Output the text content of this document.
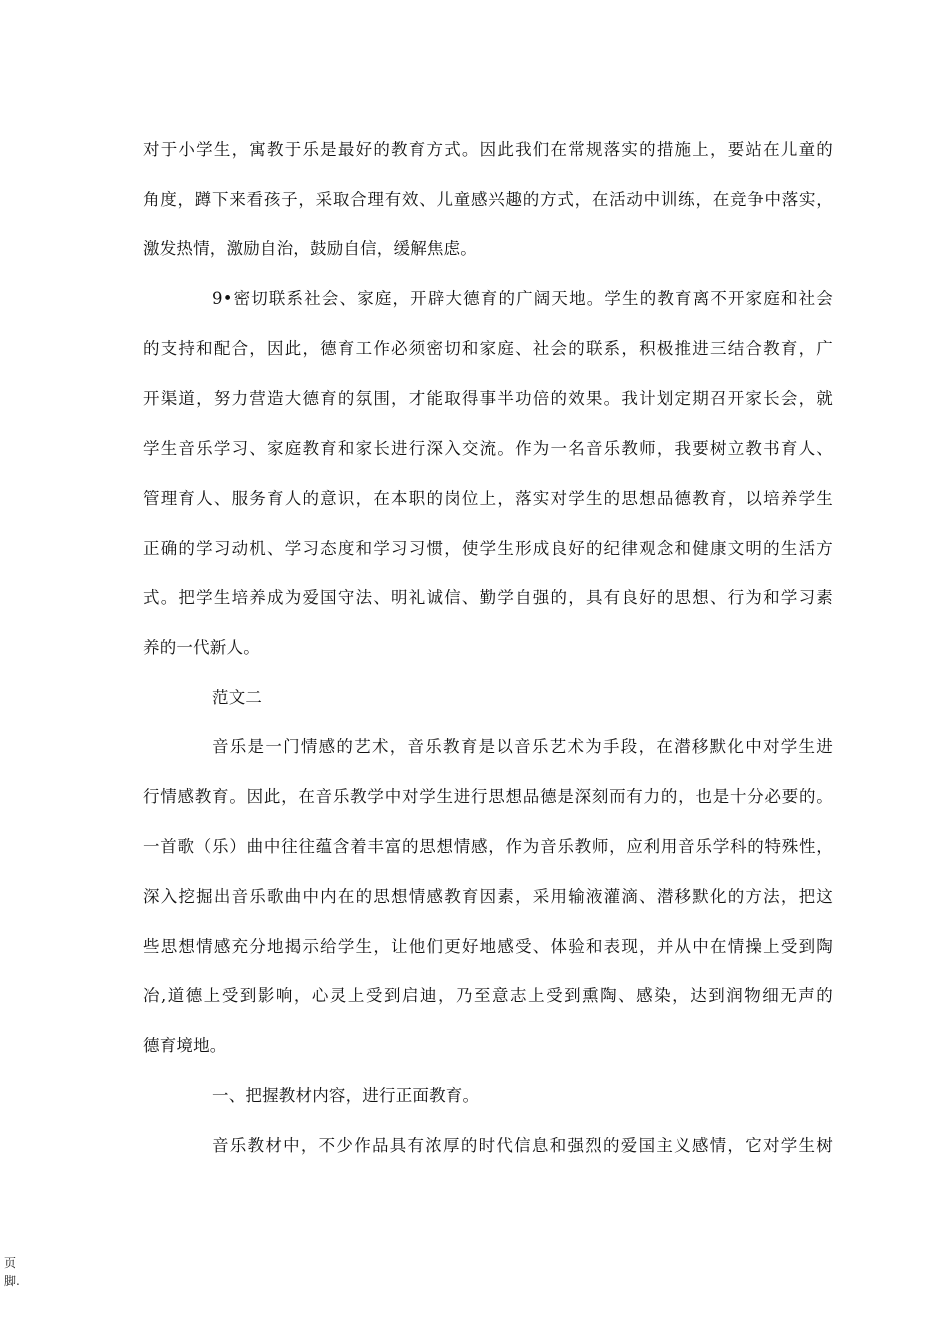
对于小学生，寓教于乐是最好的教育方式。因此我们在常规落实的措施上，要站在儿童的
角度，蹲下来看孩子，采取合理有效、儿童感兴趣的方式，在活动中训练，在竞争中落实，
激发热情，激励自治，鼓励自信，缓解焦虑。
9•密切联系社会、家庭，开辟大德育的广阔天地。学生的教育离不开家庭和社会
的支持和配合，因此，德育工作必须密切和家庭、社会的联系，积极推进三结合教育，广
开渠道，努力营造大德育的氛围，才能取得事半功倍的效果。我计划定期召开家长会，就
学生音乐学习、家庭教育和家长进行深入交流。作为一名音乐教师，我要树立教书育人、
管理育人、服务育人的意识，在本职的岗位上，落实对学生的思想品德教育，以培养学生
正确的学习动机、学习态度和学习习惯，使学生形成良好的纪律观念和健康文明的生活方
式。把学生培养成为爱国守法、明礼诚信、勤学自强的，具有良好的思想、行为和学习素
养的一代新人。
范文二
音乐是一门情感的艺术，音乐教育是以音乐艺术为手段，在潜移默化中对学生进
行情感教育。因此，在音乐教学中对学生进行思想品德是深刻而有力的，也是十分必要的。
一首歌（乐）曲中往往蕴含着丰富的思想情感，作为音乐教师，应利用音乐学科的特殊性，
深入挖掘出音乐歌曲中内在的思想情感教育因素，采用输液灌滴、潜移默化的方法，把这
些思想情感充分地揭示给学生，让他们更好地感受、体验和表现，并从中在情操上受到陶
冶,道德上受到影响，心灵上受到启迪，乃至意志上受到熏陶、感染，达到润物细无声的
德育境地。
一、把握教材内容，进行正面教育。
音乐教材中，不少作品具有浓厚的时代信息和强烈的爱国主义感情，它对学生树
页
脚.
